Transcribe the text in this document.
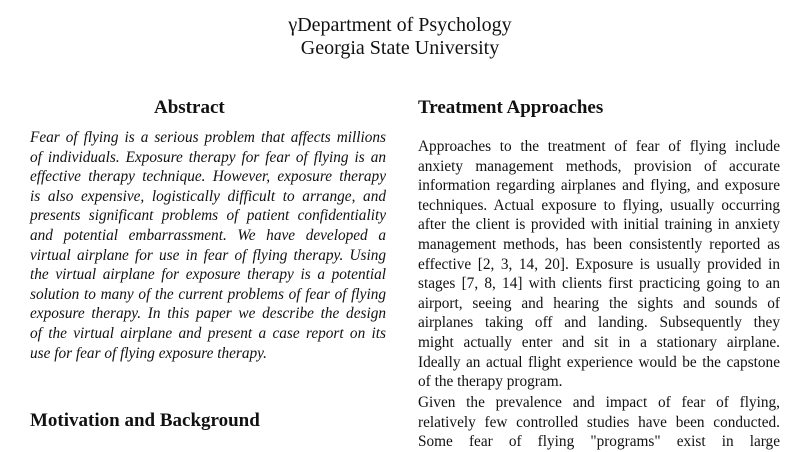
γDepartment of Psychology
Georgia State University
Abstract
Fear of flying is a serious problem that affects millions
of individuals. Exposure therapy for fear of flying is an
effective therapy technique. However, exposure therapy
is also expensive, logistically difficult to arrange, and
presents significant problems of patient confidentiality
and potential embarrassment. We have developed a
virtual airplane for use in fear of flying therapy. Using
the virtual airplane for exposure therapy is a potential
solution to many of the current problems of fear of flying
exposure therapy. In this paper we describe the design
of the virtual airplane and present a case report on its
use for fear of flying exposure therapy.
Motivation and Background
Treatment Approaches
Approaches to the treatment of fear of flying include
anxiety management methods, provision of accurate
information regarding airplanes and flying, and exposure
techniques. Actual exposure to flying, usually occurring
after the client is provided with initial training in anxiety
management methods, has been consistently reported as
effective [2, 3, 14, 20]. Exposure is usually provided in
stages [7, 8, 14] with clients first practicing going to an
airport, seeing and hearing the sights and sounds of
airplanes taking off and landing. Subsequently they
might actually enter and sit in a stationary airplane.
Ideally an actual flight experience would be the capstone
of the therapy program.
Given the prevalence and impact of fear of flying,
relatively few controlled studies have been conducted.
Some fear of flying "programs" exist in large
